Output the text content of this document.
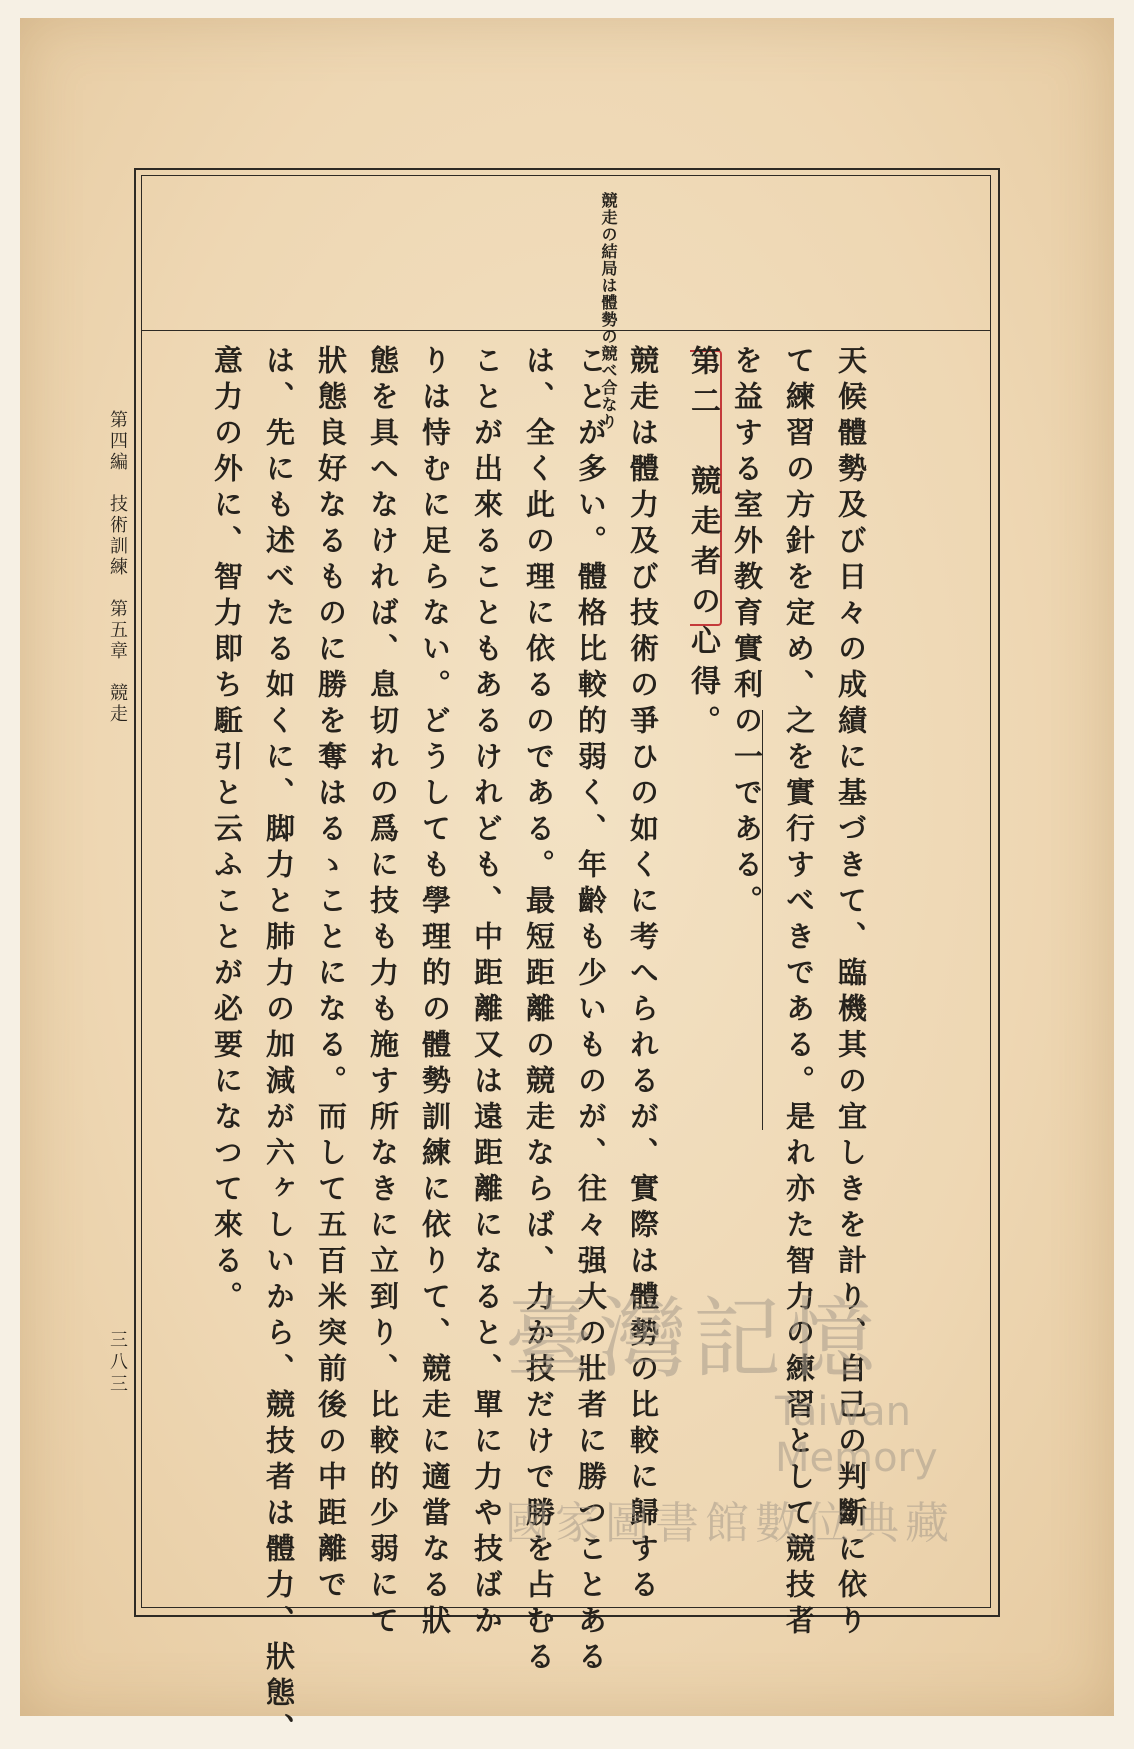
競走の結局は體勢の競べ合なり
天候體勢及び日々の成績に基づきて、臨機其の宜しきを計り、自己の判斷に依り
て練習の方針を定め、之を實行すべきである。是れ亦た智力の練習として競技者
を益する室外教育實利の一である。
第二　競走者の心得。
競走は體力及び技術の爭ひの如くに考へられるが、實際は體勢の比較に歸する
ことが多い。體格比較的弱く、年齡も少いものが、往々强大の壯者に勝つことある
は、全く此の理に依るのである。最短距離の競走ならば、力か技だけで勝を占むる
ことが出來ることもあるけれども、中距離又は遠距離になると、單に力や技ばか
りは恃むに足らない。どうしても學理的の體勢訓練に依りて、競走に適當なる狀
態を具へなければ、息切れの爲に技も力も施す所なきに立到り、比較的少弱にて
狀態良好なるものに勝を奪はるゝことになる。而して五百米突前後の中距離で
は、先にも述べたる如くに、脚力と肺力の加減が六ヶしいから、競技者は體力、狀態、
意力の外に、智力即ち駈引と云ふことが必要になつて來る。
第四編　技術訓練　第五章　競走
三八三	臺灣記憶
Taiwan Memory
國家圖書館數位典藏
